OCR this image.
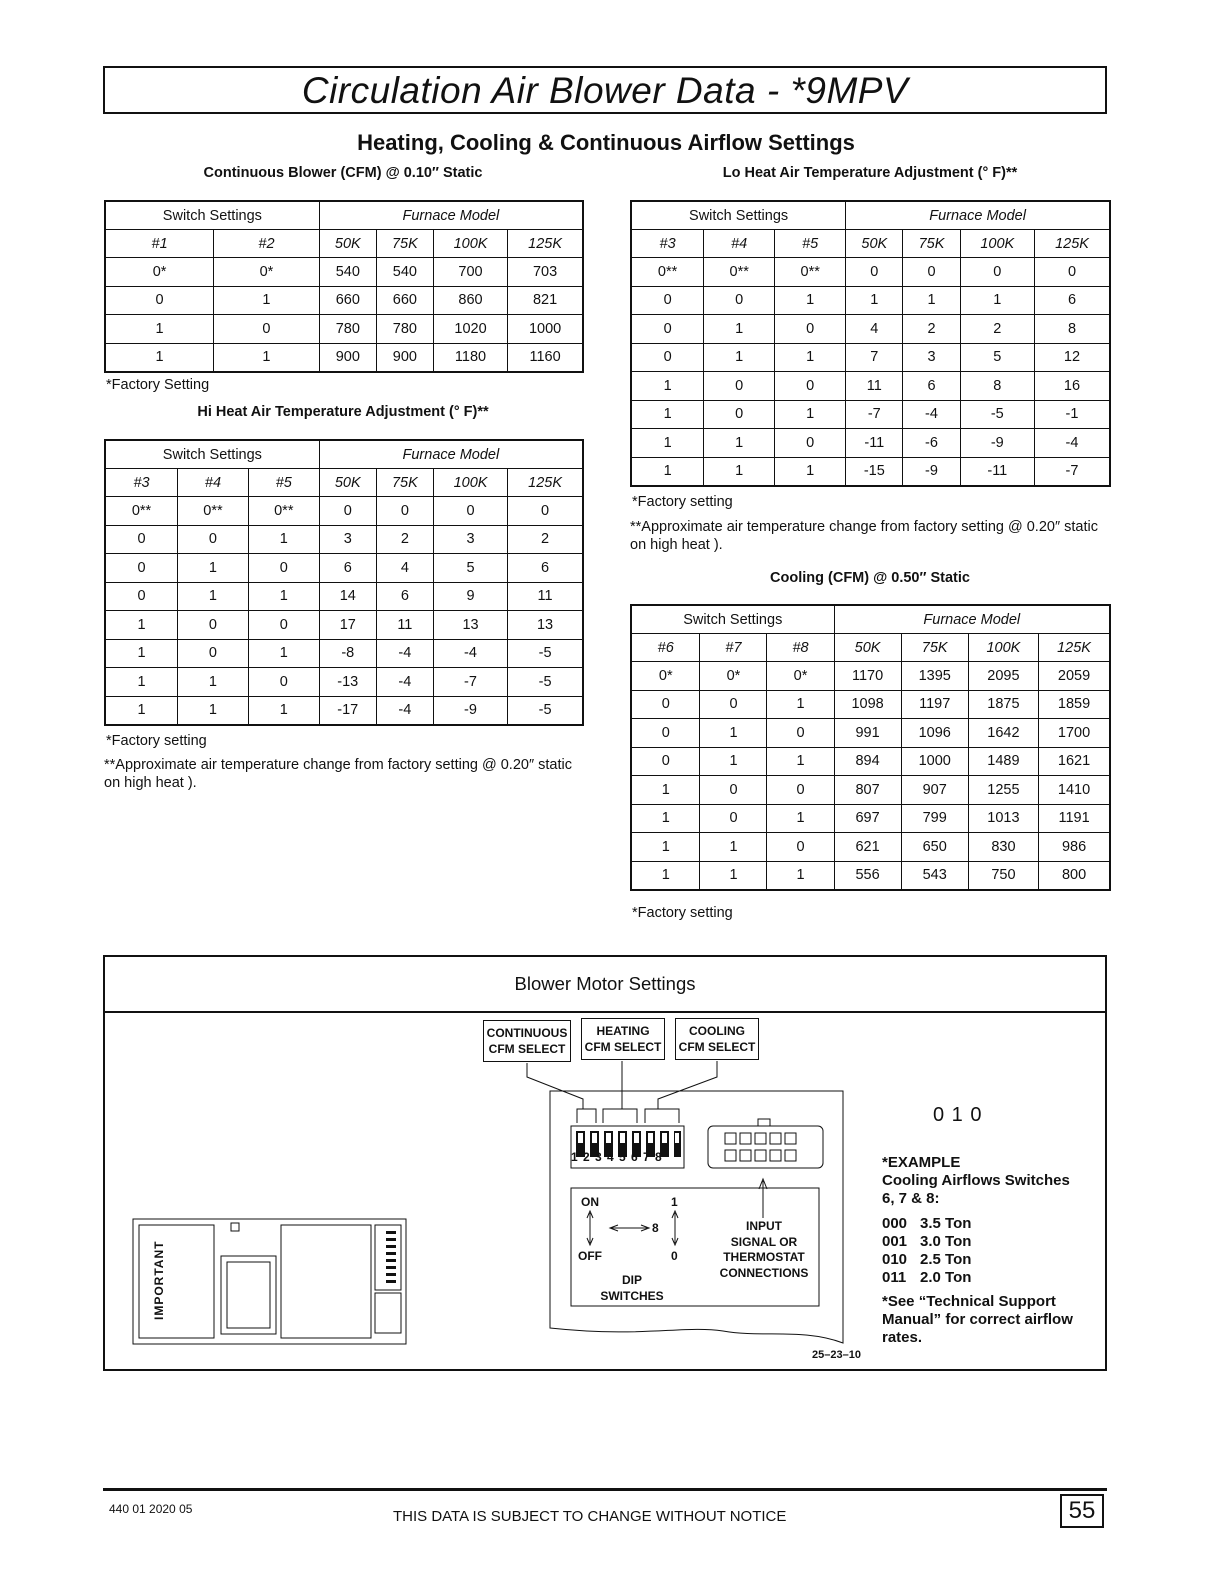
Circulation Air Blower Data - *9MPV
Heating, Cooling & Continuous Airflow Settings
Continuous Blower (CFM) @ 0.10″ Static
Switch Settings		Furnace Model			
#1	#2	50K	75K	100K	125K
0*	0*	540	540	700	703
0	1	660	660	860	821
1	0	780	780	1020	1000
1	1	900	900	1180	1160
*Factory Setting
Hi Heat Air Temperature Adjustment (° F)**
Switch Settings			Furnace Model			
#3	#4	#5	50K	75K	100K	125K
0**	0**	0**	0	0	0	0
0	0	1	3	2	3	2
0	1	0	6	4	5	6
0	1	1	14	6	9	11
1	0	0	17	11	13	13
1	0	1	-8	-4	-4	-5
1	1	0	-13	-4	-7	-5
1	1	1	-17	-4	-9	-5
*Factory setting
**Approximate air temperature change from factory setting @ 0.20″ static on high heat ).
Lo Heat Air Temperature Adjustment (° F)**
Switch Settings			Furnace Model			
#3	#4	#5	50K	75K	100K	125K
0**	0**	0**	0	0	0	0
0	0	1	1	1	1	6
0	1	0	4	2	2	8
0	1	1	7	3	5	12
1	0	0	11	6	8	16
1	0	1	-7	-4	-5	-1
1	1	0	-11	-6	-9	-4
1	1	1	-15	-9	-11	-7
*Factory setting
**Approximate air temperature change from factory setting @ 0.20″ static on high heat ).
Cooling (CFM) @ 0.50″ Static
Switch Settings			Furnace Model			
#6	#7	#8	50K	75K	100K	125K
0*	0*	0*	1170	1395	2095	2059
0	0	1	1098	1197	1875	1859
0	1	0	991	1096	1642	1700
0	1	1	894	1000	1489	1621
1	0	0	807	907	1255	1410
1	0	1	697	799	1013	1191
1	1	0	621	650	830	986
1	1	1	556	543	750	800
*Factory setting
Blower Motor Settings
CONTINUOUS
CFM SELECT
HEATING
CFM SELECT
COOLING
CFM SELECT
1 2 3 4 5 6 7 8
ON
OFF
1
0
8
DIP
SWITCHES
INPUT
SIGNAL OR
THERMOSTAT
CONNECTIONS
IMPORTANT
0 1 0
*EXAMPLE
Cooling Airflows Switches
6, 7 & 8:
000 3.5 Ton
001 3.0 Ton
010 2.5 Ton
011 2.0 Ton
*See “Technical Support
Manual” for correct airflow
rates.
25–23–10
440 01 2020 05	THIS DATA IS SUBJECT TO CHANGE WITHOUT NOTICE	55
